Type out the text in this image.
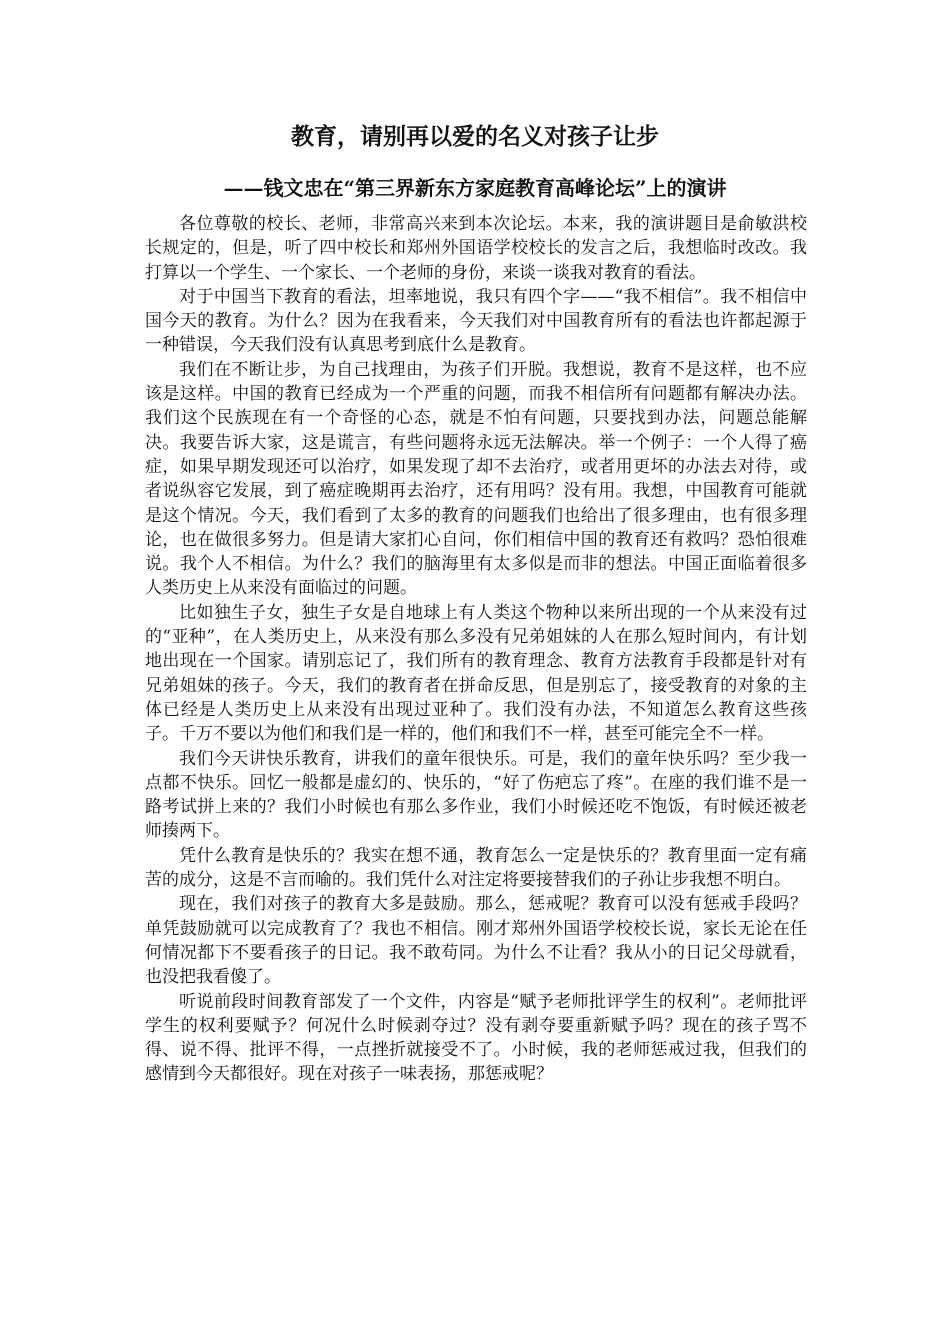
教育，请别再以爱的名义对孩子让步
——钱文忠在“第三界新东方家庭教育高峰论坛”上的演讲

各位尊敬的校长、老师，非常高兴来到本次论坛。本来，我的演讲题目是俞敏洪校长规定的，但是，听了四中校长和郑州外国语学校校长的发言之后，我想临时改改。我打算以一个学生、一个家长、一个老师的身份，来谈一谈我对教育的看法。

对于中国当下教育的看法，坦率地说，我只有四个字——“我不相信”。我不相信中国今天的教育。为什么？因为在我看来，今天我们对中国教育所有的看法也许都起源于一种错误，今天我们没有认真思考到底什么是教育。

我们在不断让步，为自己找理由，为孩子们开脱。我想说，教育不是这样，也不应该是这样。中国的教育已经成为一个严重的问题，而我不相信所有问题都有解决办法。我们这个民族现在有一个奇怪的心态，就是不怕有问题，只要找到办法，问题总能解决。我要告诉大家，这是谎言，有些问题将永远无法解决。举一个例子：一个人得了癌症，如果早期发现还可以治疗，如果发现了却不去治疗，或者用更坏的办法去对待，或者说纵容它发展，到了癌症晚期再去治疗，还有用吗？没有用。我想，中国教育可能就是这个情况。今天，我们看到了太多的教育的问题我们也给出了很多理由，也有很多理论，也在做很多努力。但是请大家扪心自问，你们相信中国的教育还有救吗？恐怕很难说。我个人不相信。为什么？我们的脑海里有太多似是而非的想法。中国正面临着很多人类历史上从来没有面临过的问题。

比如独生子女，独生子女是自地球上有人类这个物种以来所出现的一个从来没有过的“亚种”，在人类历史上，从来没有那么多没有兄弟姐妹的人在那么短时间内，有计划地出现在一个国家。请别忘记了，我们所有的教育理念、教育方法教育手段都是针对有兄弟姐妹的孩子。今天，我们的教育者在拼命反思，但是别忘了，接受教育的对象的主体已经是人类历史上从来没有出现过亚种了。我们没有办法，不知道怎么教育这些孩子。千万不要以为他们和我们是一样的，他们和我们不一样，甚至可能完全不一样。

我们今天讲快乐教育，讲我们的童年很快乐。可是，我们的童年快乐吗？至少我一点都不快乐。回忆一般都是虚幻的、快乐的，“好了伤疤忘了疼”。在座的我们谁不是一路考试拼上来的？我们小时候也有那么多作业，我们小时候还吃不饱饭，有时候还被老师揍两下。

凭什么教育是快乐的？我实在想不通，教育怎么一定是快乐的？教育里面一定有痛苦的成分，这是不言而喻的。我们凭什么对注定将要接替我们的子孙让步我想不明白。

现在，我们对孩子的教育大多是鼓励。那么，惩戒呢？教育可以没有惩戒手段吗？单凭鼓励就可以完成教育了？我也不相信。刚才郑州外国语学校校长说，家长无论在任何情况都下不要看孩子的日记。我不敢苟同。为什么不让看？我从小的日记父母就看，也没把我看傻了。

听说前段时间教育部发了一个文件，内容是“赋予老师批评学生的权利”。老师批评学生的权利要赋予？何况什么时候剥夺过？没有剥夺要重新赋予吗？现在的孩子骂不得、说不得、批评不得，一点挫折就接受不了。小时候，我的老师惩戒过我，但我们的感情到今天都很好。现在对孩子一味表扬，那惩戒呢？
